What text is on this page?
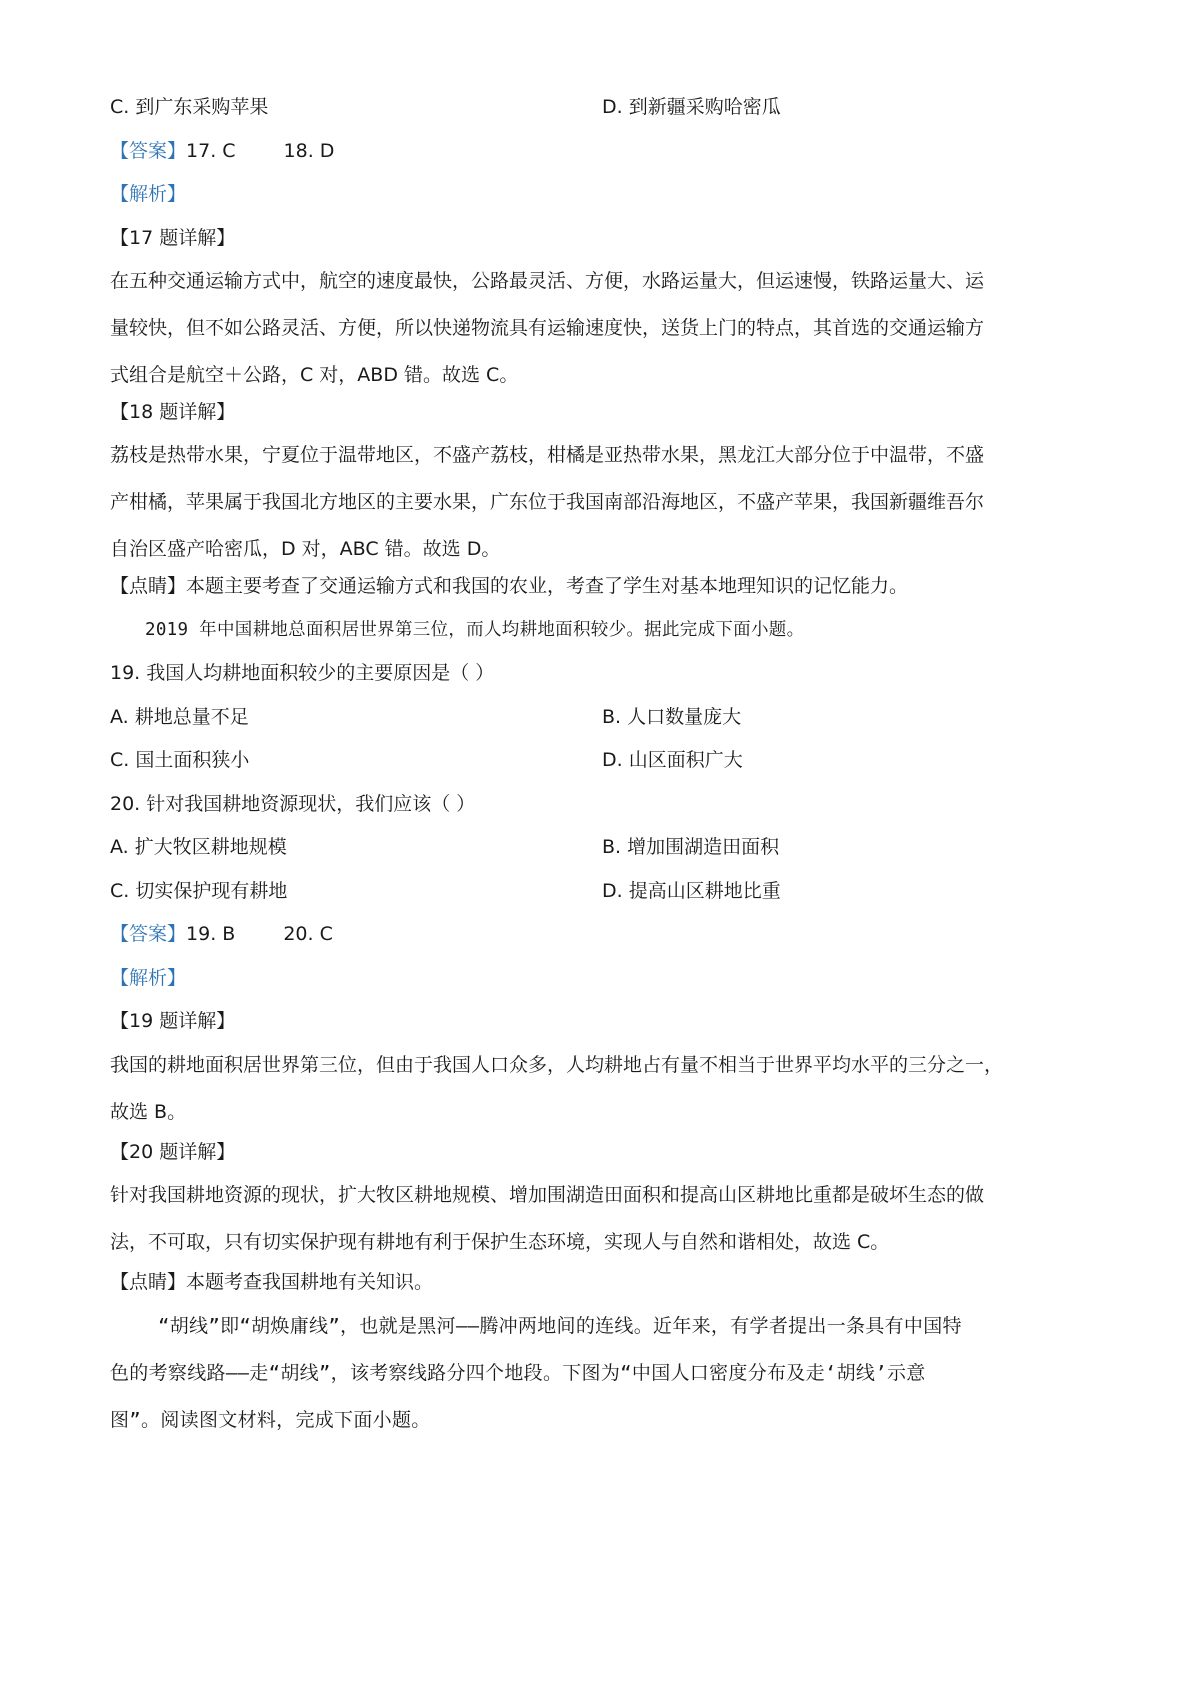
C. 到广东采购苹果	D. 到新疆采购哈密瓜
【答案】17. C	18. D
【解析】
【17 题详解】
在五种交通运输方式中，航空的速度最快，公路最灵活、方便，水路运量大，但运速慢，铁路运量大、运
量较快，但不如公路灵活、方便，所以快递物流具有运输速度快，送货上门的特点，其首选的交通运输方
式组合是航空＋公路，C 对，ABD 错。故选 C。
【18 题详解】
荔枝是热带水果，宁夏位于温带地区，不盛产荔枝，柑橘是亚热带水果，黑龙江大部分位于中温带，不盛
产柑橘，苹果属于我国北方地区的主要水果，广东位于我国南部沿海地区，不盛产苹果，我国新疆维吾尔
自治区盛产哈密瓜，D 对，ABC 错。故选 D。
【点睛】本题主要考查了交通运输方式和我国的农业，考查了学生对基本地理知识的记忆能力。
2019 年中国耕地总面积居世界第三位，而人均耕地面积较少。据此完成下面小题。
19. 我国人均耕地面积较少的主要原因是（ ）
A. 耕地总量不足	B. 人口数量庞大
C. 国土面积狭小	D. 山区面积广大
20. 针对我国耕地资源现状，我们应该（ ）
A. 扩大牧区耕地规模	B. 增加围湖造田面积
C. 切实保护现有耕地	D. 提高山区耕地比重
【答案】19. B	20. C
【解析】
【19 题详解】
我国的耕地面积居世界第三位，但由于我国人口众多，人均耕地占有量不相当于世界平均水平的三分之一，
故选 B。
【20 题详解】
针对我国耕地资源的现状，扩大牧区耕地规模、增加围湖造田面积和提高山区耕地比重都是破坏生态的做
法，不可取，只有切实保护现有耕地有利于保护生态环境，实现人与自然和谐相处，故选 C。
【点睛】本题考查我国耕地有关知识。
“胡线”即“胡焕庸线”，也就是黑河——腾冲两地间的连线。近年来，有学者提出一条具有中国特
色的考察线路——走“胡线”，该考察线路分四个地段。下图为“中国人口密度分布及走‘胡线’示意
图”。阅读图文材料，完成下面小题。
